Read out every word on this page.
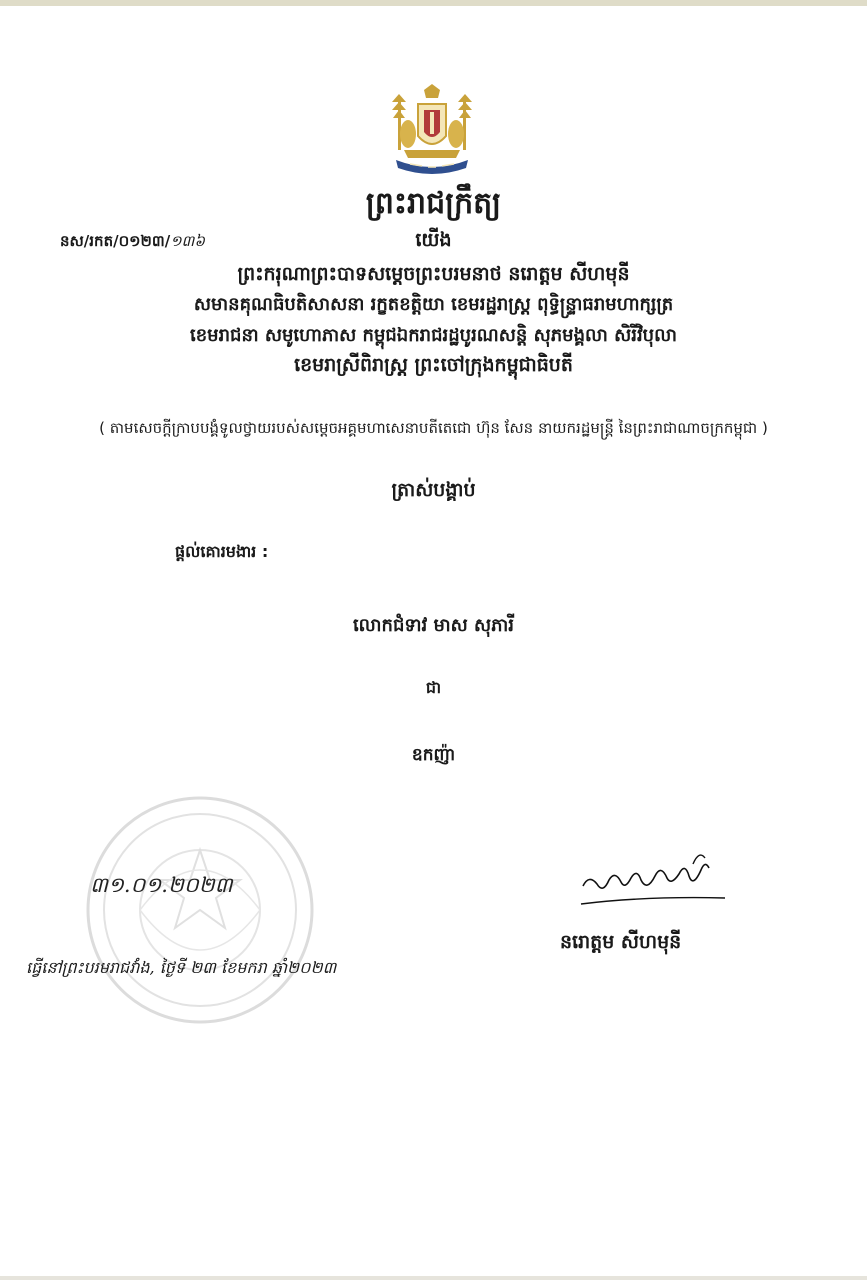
ព្រះរាជក្រឹត្យ
នស/រកត/០១២៣/១៣៦	យើង
ព្រះករុណាព្រះបាទសម្ដេចព្រះបរមនាថ នរោត្តម សីហមុនី
សមានគុណធិបតិសាសនា រក្ខតខត្តិយា ខេមរដ្ឋរាស្ត្រ ពុទ្ធិន្ទ្រាធរាមហាក្សត្រ
ខេមរាជនា សមូហោភាស កម្ពុជឯករាជរដ្ឋបូរណសន្តិ សុភមង្គលា សិរីវិបុលា
ខេមរាស្រីពិរាស្ត្រ ព្រះចៅក្រុងកម្ពុជាធិបតី
( តាមសេចក្ដីក្រាបបង្គំទូលថ្វាយរបស់សម្ដេចអគ្គមហាសេនាបតីតេជោ ហ៊ុន សែន នាយករដ្ឋមន្ត្រី នៃព្រះរាជាណាចក្រកម្ពុជា )
ត្រាស់បង្គាប់
ផ្ដល់គោរមងារ :
លោកជំទាវ មាស សុភារី
ជា
ឧកញ៉ា
៣១.០១.២០២៣
ធ្វើនៅព្រះបរមរាជវាំង, ថ្ងៃទី ២៣ ខែមករា ឆ្នាំ២០២៣
នរោត្តម សីហមុនី
